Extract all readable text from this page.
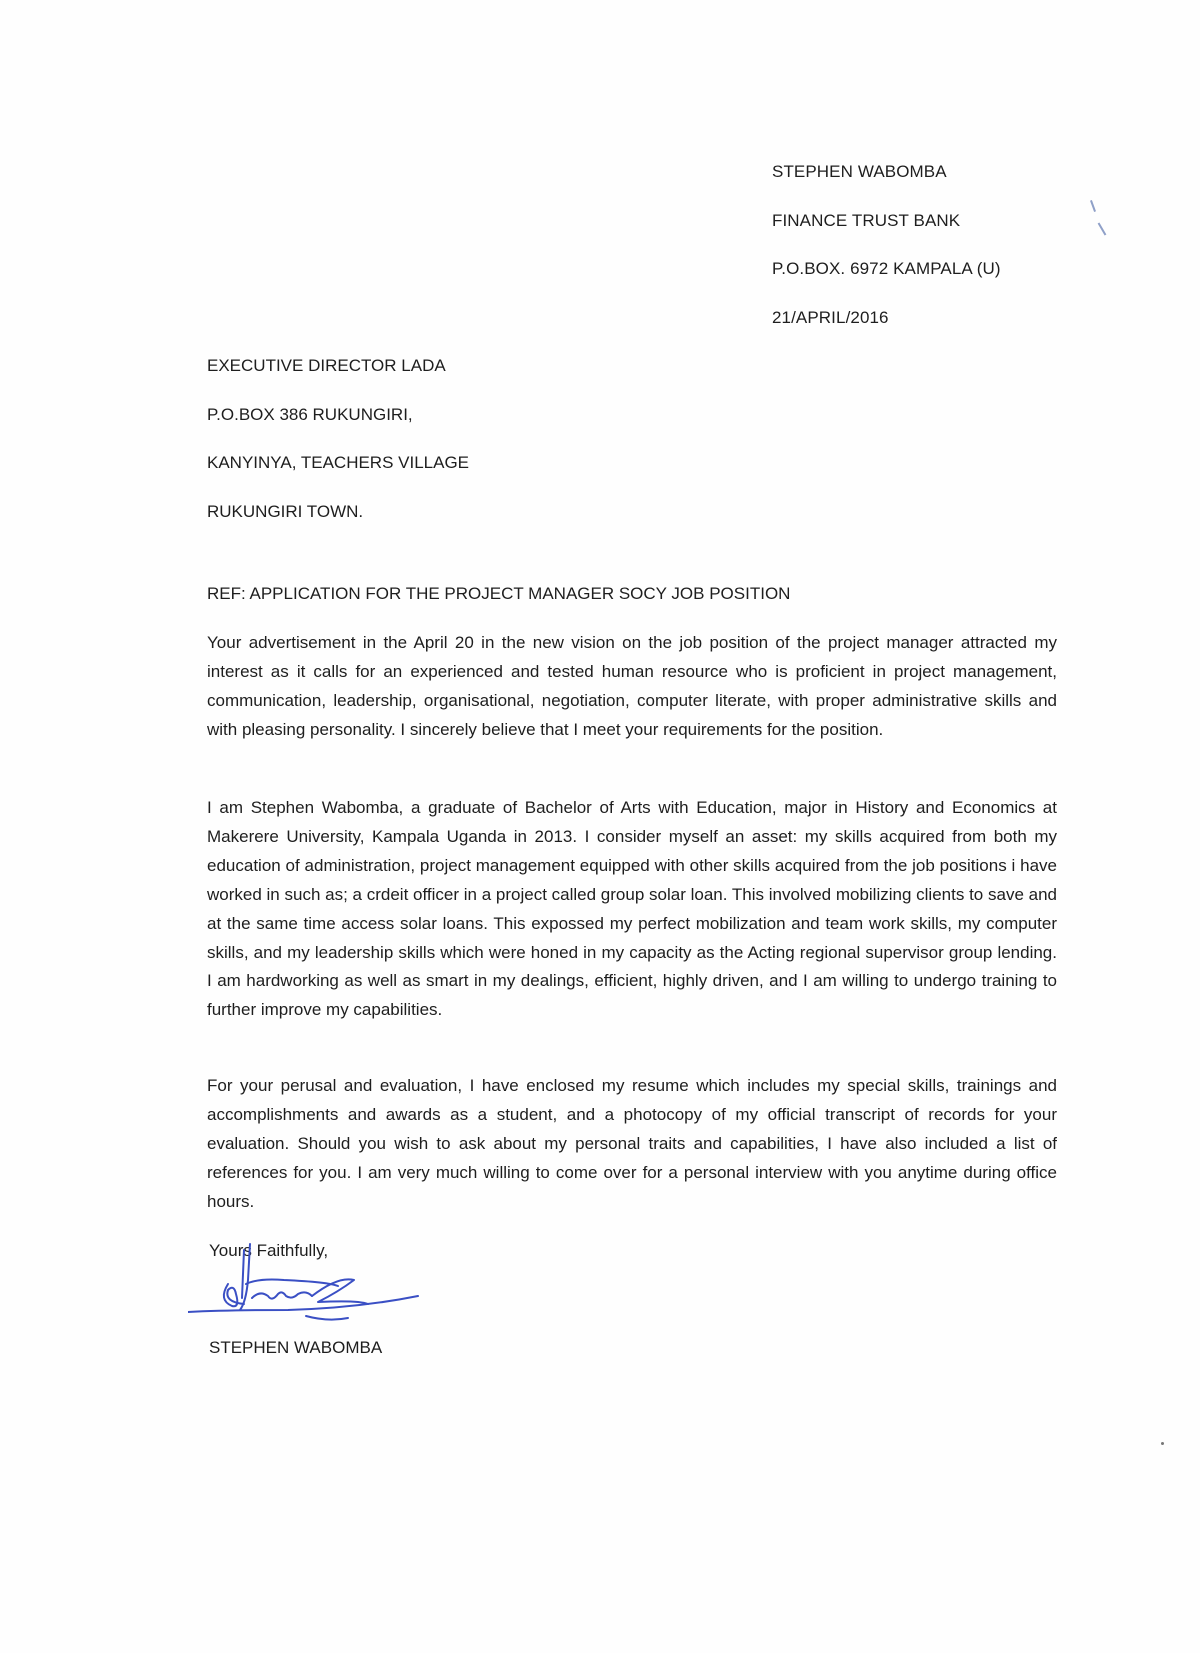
STEPHEN WABOMBA
FINANCE TRUST BANK
P.O.BOX. 6972 KAMPALA (U)
21/APRIL/2016
EXECUTIVE DIRECTOR LADA
P.O.BOX 386 RUKUNGIRI,
KANYINYA, TEACHERS VILLAGE
RUKUNGIRI TOWN.
REF: APPLICATION FOR THE PROJECT MANAGER SOCY JOB POSITION

Your advertisement in the April 20 in the new vision on the job position of the project manager attracted my interest as it calls for an experienced and tested human resource who is proficient in project management, communication, leadership, organisational, negotiation, computer literate, with proper administrative skills and with pleasing personality. I sincerely believe that I meet your requirements for the position.

I am Stephen Wabomba, a graduate of Bachelor of Arts with Education, major in History and Economics at Makerere University, Kampala Uganda in 2013. I consider myself an asset: my skills acquired from both my education of administration, project management equipped with other skills acquired from the job positions i have worked in such as; a crdeit officer in a project called group solar loan. This involved mobilizing clients to save and at the same time access solar loans. This expossed my perfect mobilization and team work skills, my computer skills, and my leadership skills which were honed in my capacity as the Acting regional supervisor group lending. I am hardworking as well as smart in my dealings, efficient, highly driven, and I am willing to undergo training to further improve my capabilities.

For your perusal and evaluation, I have enclosed my resume which includes my special skills, trainings and accomplishments and awards as a student, and a photocopy of my official transcript of records for your evaluation. Should you wish to ask about my personal traits and capabilities, I have also included a list of references for you. I am very much willing to come over for a personal interview with you anytime during office hours.

Yours Faithfully,
STEPHEN WABOMBA
